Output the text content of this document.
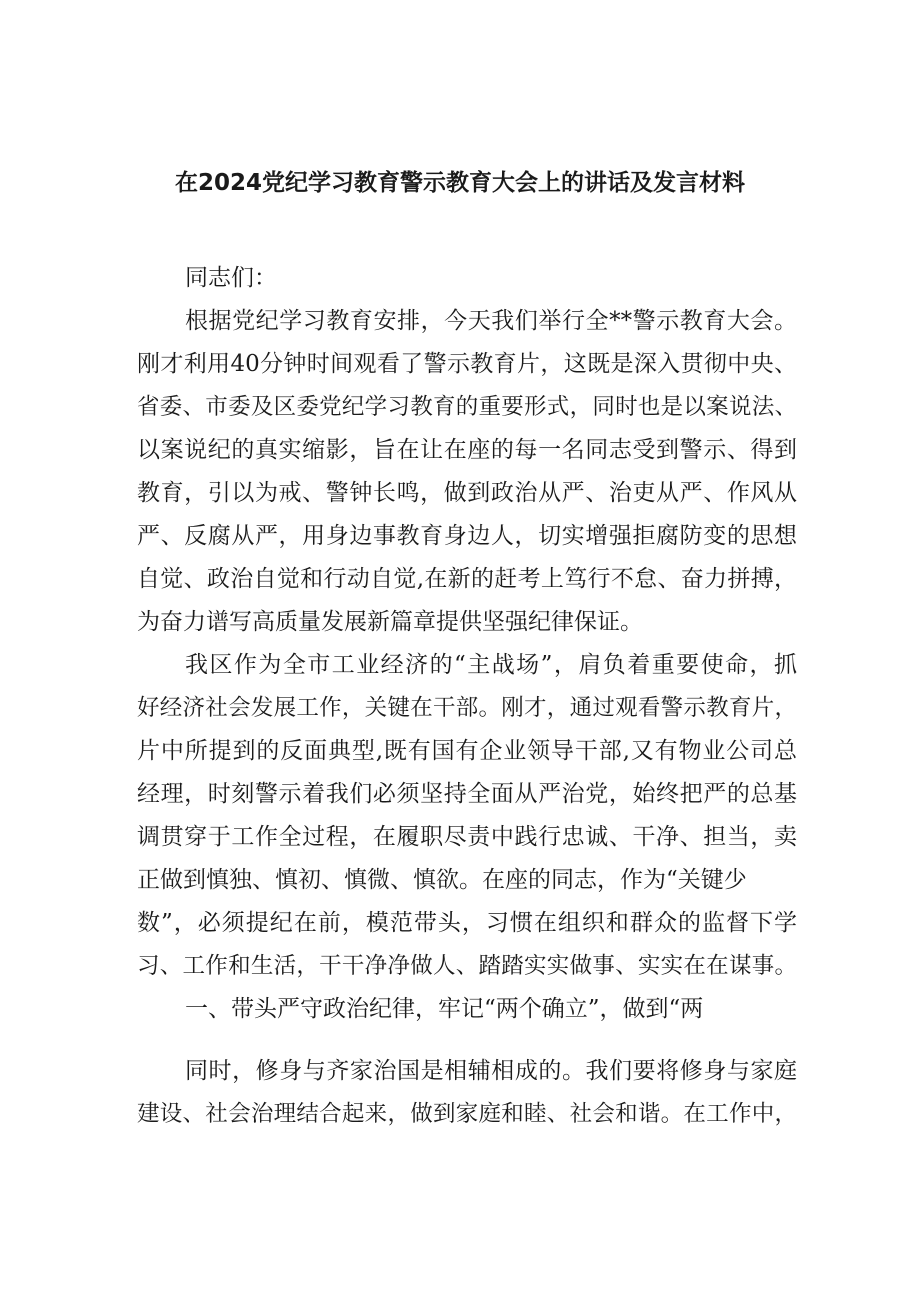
在2024党纪学习教育警示教育大会上的讲话及发言材料
同志们：
根据党纪学习教育安排，今天我们举行全**警示教育大会。
刚才利用40分钟时间观看了警示教育片，这既是深入贯彻中央、
省委、市委及区委党纪学习教育的重要形式，同时也是以案说法、
以案说纪的真实缩影，旨在让在座的每一名同志受到警示、得到
教育，引以为戒、警钟长鸣，做到政治从严、治吏从严、作风从
严、反腐从严，用身边事教育身边人，切实增强拒腐防变的思想
自觉、政治自觉和行动自觉,在新的赶考上笃行不怠、奋力拼搏，
为奋力谱写高质量发展新篇章提供坚强纪律保证。
我区作为全市工业经济的“主战场”，肩负着重要使命，抓
好经济社会发展工作，关键在干部。刚才，通过观看警示教育片，
片中所提到的反面典型,既有国有企业领导干部,又有物业公司总
经理，时刻警示着我们必须坚持全面从严治党，始终把严的总基
调贯穿于工作全过程，在履职尽责中践行忠诚、干净、担当，卖
正做到慎独、慎初、慎微、慎欲。在座的同志，作为“关键少
数”，必须提纪在前，模范带头，习惯在组织和群众的监督下学
习、工作和生活，干干净净做人、踏踏实实做事、实实在在谋事。
一、带头严守政治纪律，牢记“两个确立”，做到“两
同时，修身与齐家治国是相辅相成的。我们要将修身与家庭
建设、社会治理结合起来，做到家庭和睦、社会和谐。在工作中，
